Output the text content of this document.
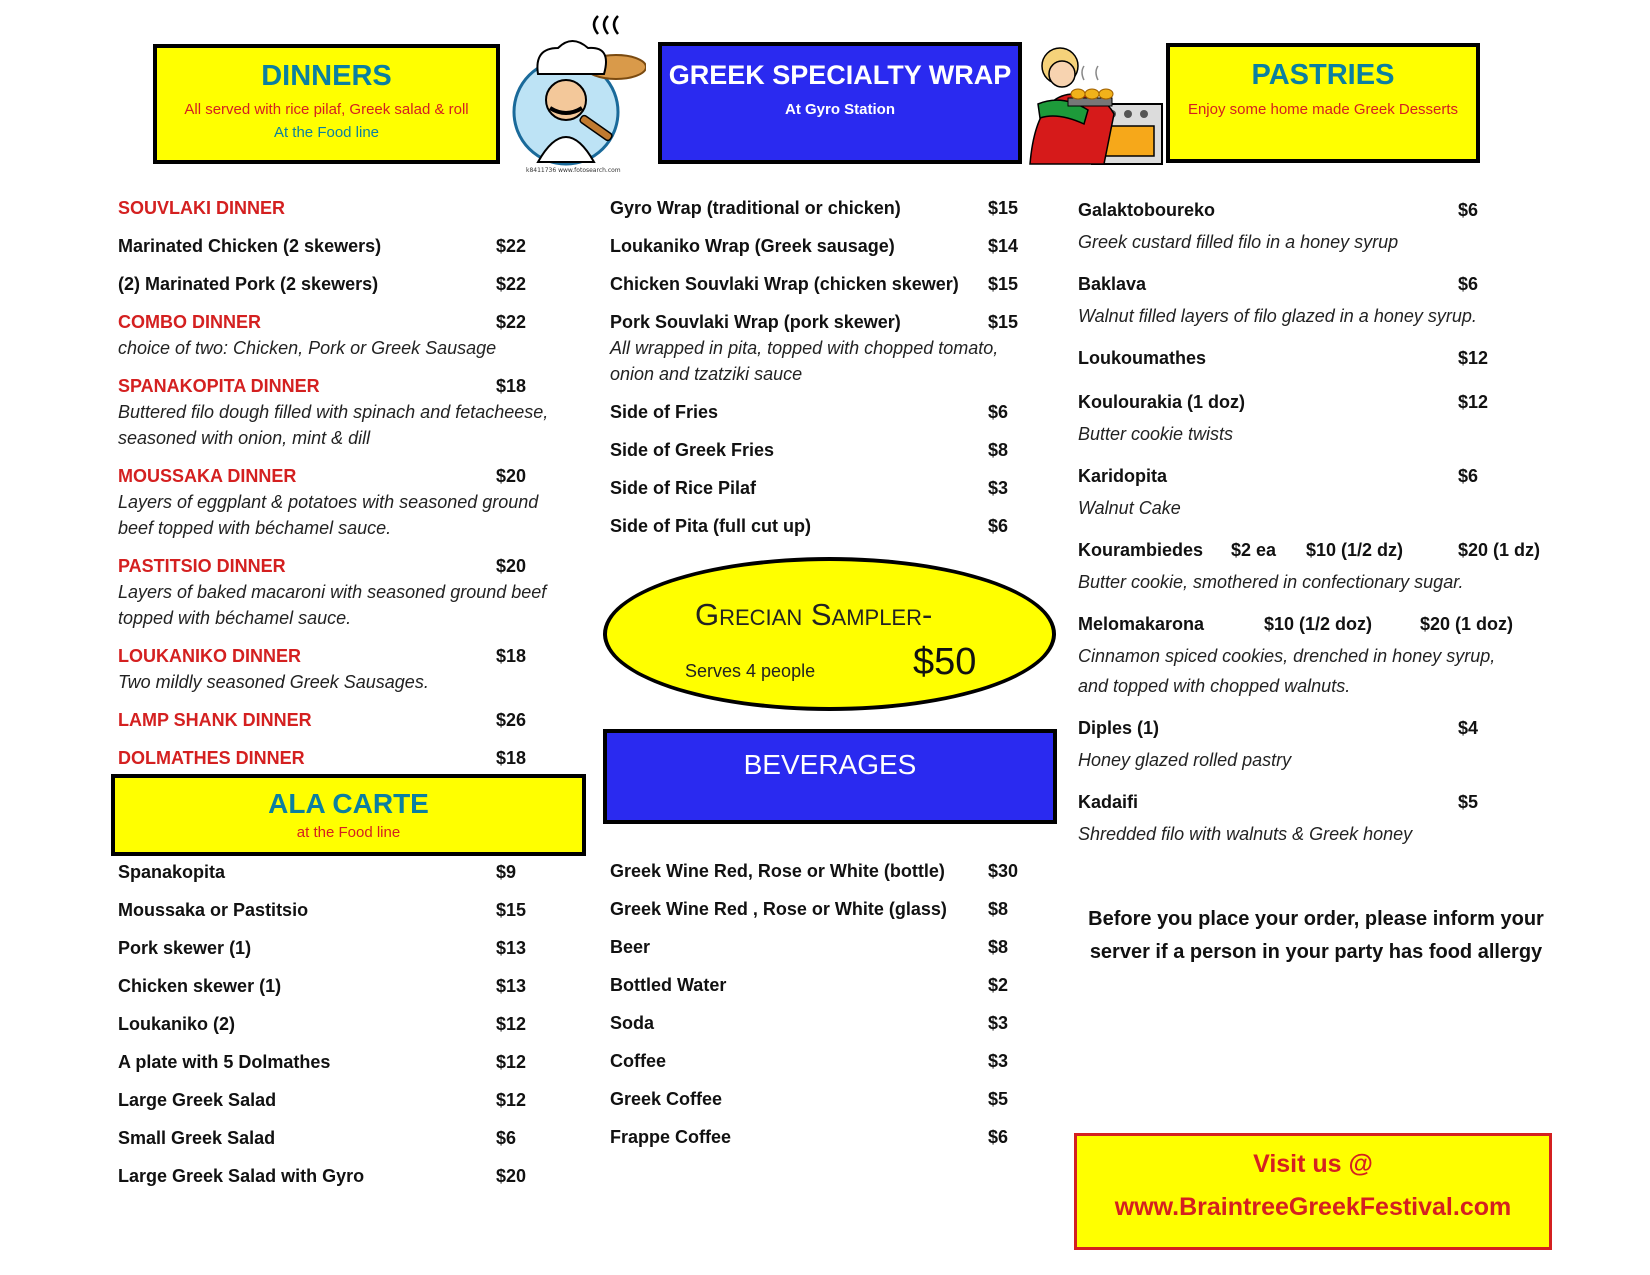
DINNERS
All served with rice pilaf, Greek salad & roll
At the Food line
k8411736 www.fotosearch.com
GREEK SPECIALTY WRAP
At Gyro Station
PASTRIES
Enjoy some home made Greek Desserts
SOUVLAKI DINNER
Marinated Chicken (2 skewers)	$22
(2) Marinated Pork (2 skewers)	$22
COMBO DINNER	$22
choice of two: Chicken, Pork or Greek Sausage
SPANAKOPITA DINNER	$18
Buttered filo dough filled with spinach and fetacheese,
seasoned with onion, mint & dill
MOUSSAKA DINNER	$20
Layers of eggplant & potatoes with seasoned ground
beef topped with béchamel sauce.
PASTITSIO DINNER	$20
Layers of baked macaroni with seasoned ground beef
topped with béchamel sauce.
LOUKANIKO DINNER	$18
Two mildly seasoned Greek Sausages.
LAMP SHANK DINNER	$26
DOLMATHES DINNER	$18
ALA CARTE
at the Food line
Spanakopita	$9
Moussaka or Pastitsio	$15
Pork skewer (1)	$13
Chicken skewer (1)	$13
Loukaniko (2)	$12
A plate with 5 Dolmathes	$12
Large Greek Salad	$12
Small Greek Salad	$6
Large Greek Salad with Gyro	$20
Gyro Wrap (traditional or chicken)	$15
Loukaniko Wrap (Greek sausage)	$14
Chicken Souvlaki Wrap (chicken skewer) $15
Pork Souvlaki Wrap (pork skewer)	$15
All wrapped in pita, topped with chopped tomato,
onion and tzatziki sauce
Side of Fries	$6
Side of Greek Fries	$8
Side of Rice Pilaf	$3
Side of Pita (full cut up)	$6
Grecian Sampler-
Serves 4 people	$50
BEVERAGES
Greek Wine Red, Rose or White (bottle) $30
Greek Wine Red , Rose or White (glass) $8
Beer	$8
Bottled Water	$2
Soda	$3
Coffee	$3
Greek Coffee	$5
Frappe Coffee	$6
Galaktoboureko	$6
Greek custard filled filo in a honey syrup
Baklava	$6
Walnut filled layers of filo glazed in a honey syrup.
Loukoumathes	$12
Koulourakia (1 doz)	$12
Butter cookie twists
Karidopita	$6
Walnut Cake
Kourambiedes $2 ea $10 (1/2 dz)	$20 (1 dz)
Butter cookie, smothered in confectionary sugar.
Melomakarona	$10 (1/2 doz)	$20 (1 doz)
Cinnamon spiced cookies, drenched in honey syrup,
and topped with chopped walnuts.
Diples (1)	$4
Honey glazed rolled pastry
Kadaifi	$5
Shredded filo with walnuts & Greek honey
Before you place your order, please inform your
server if a person in your party has food allergy
Visit us @
www.BraintreeGreekFestival.com
